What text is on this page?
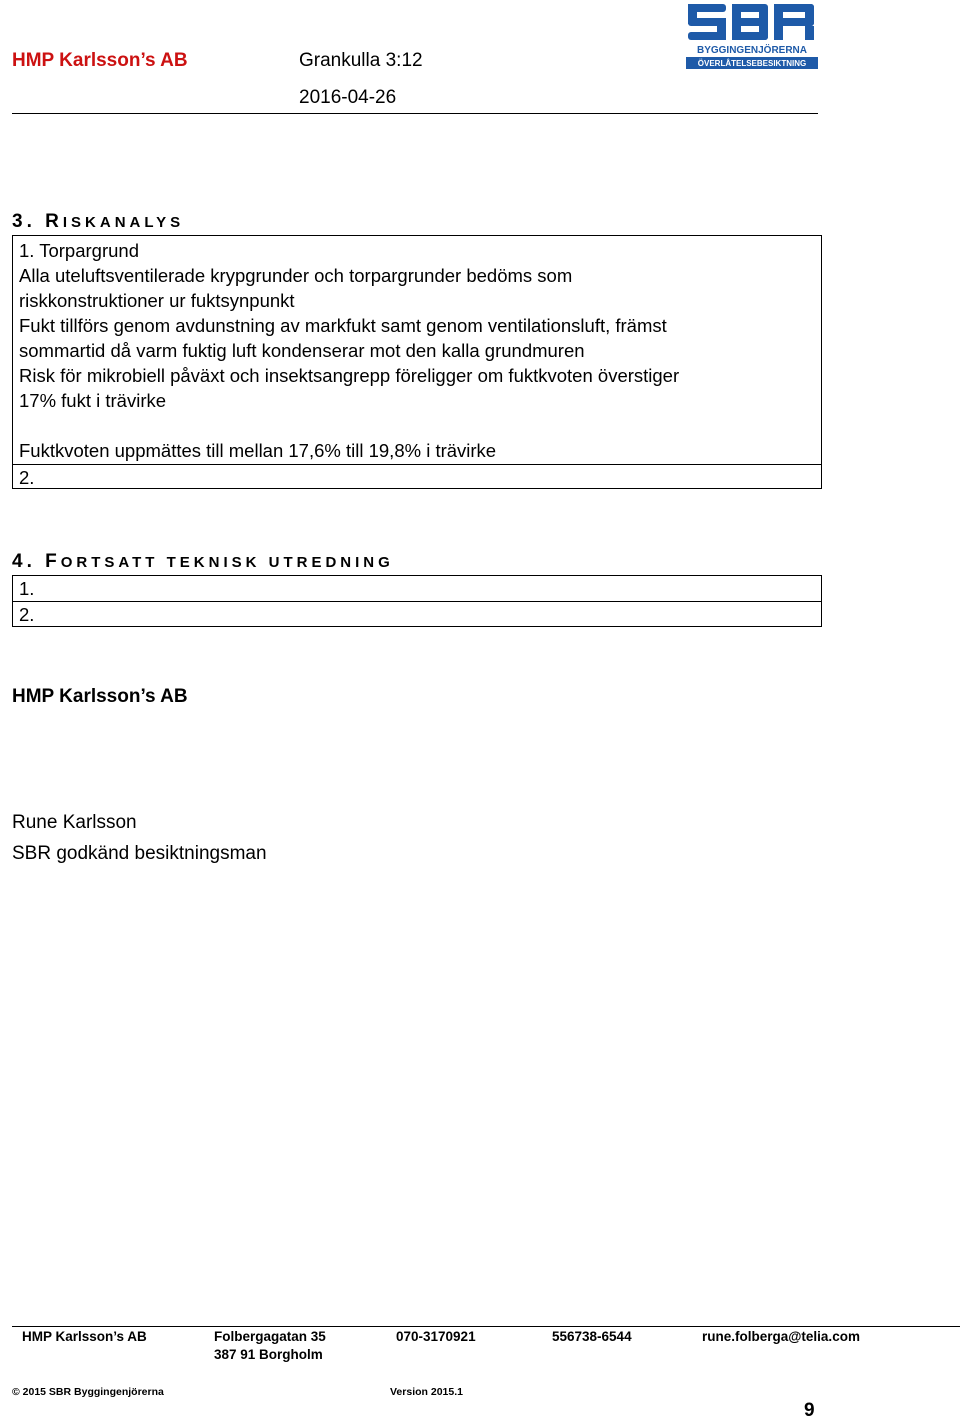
HMP Karlsson’s AB	Grankulla 3:12
2016-04-26
BYGGINGENJÖRERNA
ÖVERLÅTELSEBESIKTNING
3. RISKANALYS

1. Torpargrund

Alla uteluftsventilerade krypgrunder och torpargrunder bedöms som

riskkonstruktioner ur fuktsynpunkt

Fukt tillförs genom avdunstning av markfukt samt genom ventilationsluft, främst

sommartid då varm fuktig luft kondenserar mot den kalla grundmuren

Risk för mikrobiell påväxt och insektsangrepp föreligger om fuktkvoten överstiger

17% fukt i trävirke

Fuktkvoten uppmättes till mellan 17,6% till 19,8% i trävirke

2.
4. FORTSATT TEKNISK UTREDNING
1.
2.
HMP Karlsson’s AB
Rune Karlsson
SBR godkänd besiktningsman
HMP Karlsson’s AB	Folbergagatan 35
387 91 Borgholm
070-3170921	556738-6544	rune.folberga@telia.com
© 2015 SBR Byggingenjörerna	Version 2015.1
9
